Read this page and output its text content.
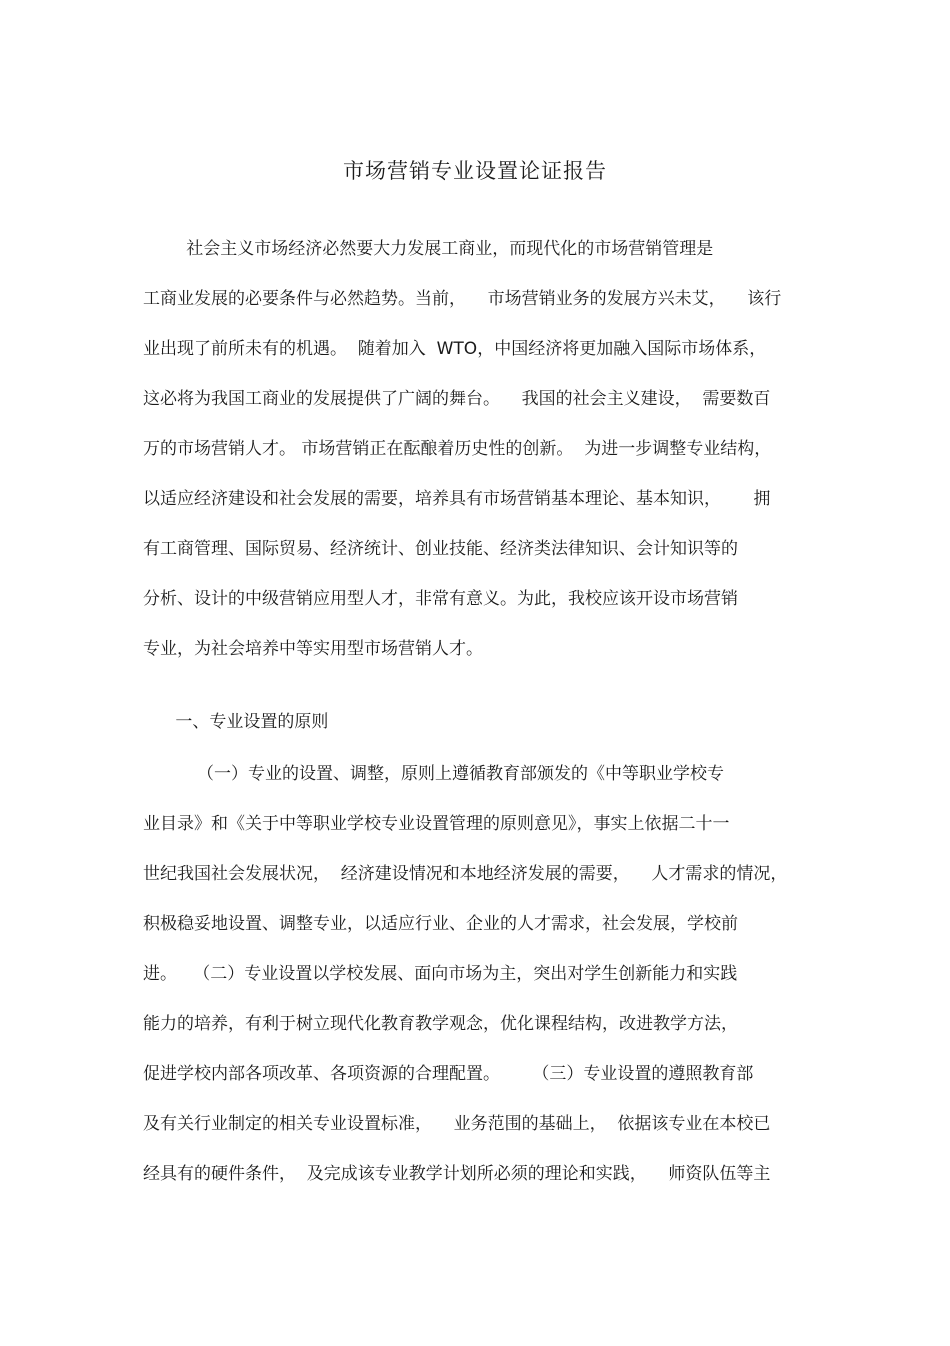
市场营销专业设置论证报告
社会主义市场经济必然要大力发展工商业，而现代化的市场营销管理是
工商业发展的必要条件与必然趋势。当前，    市场营销业务的发展方兴未艾，    该行
业出现了前所未有的机遇。  随着加入  WTO，中国经济将更加融入国际市场体系，
这必将为我国工商业的发展提供了广阔的舞台。    我国的社会主义建设，  需要数百
万的市场营销人才。 市场营销正在酝酿着历史性的创新。  为进一步调整专业结构，
以适应经济建设和社会发展的需要，培养具有市场营销基本理论、基本知识，      拥
有工商管理、国际贸易、经济统计、创业技能、经济类法律知识、会计知识等的
分析、设计的中级营销应用型人才，非常有意义。为此，我校应该开设市场营销
专业，为社会培养中等实用型市场营销人才。
一、专业设置的原则
（一）专业的设置、调整，原则上遵循教育部颁发的《中等职业学校专
业目录》和《关于中等职业学校专业设置管理的原则意见》，事实上依据二十一
世纪我国社会发展状况，  经济建设情况和本地经济发展的需要，    人才需求的情况，
积极稳妥地设置、调整专业，以适应行业、企业的人才需求，社会发展，学校前
进。   （二）专业设置以学校发展、面向市场为主，突出对学生创新能力和实践
能力的培养，有利于树立现代化教育教学观念，优化课程结构，改进教学方法，
促进学校内部各项改革、各项资源的合理配置。      （三）专业设置的遵照教育部
及有关行业制定的相关专业设置标准，    业务范围的基础上，  依据该专业在本校已
经具有的硬件条件，  及完成该专业教学计划所必须的理论和实践，    师资队伍等主
